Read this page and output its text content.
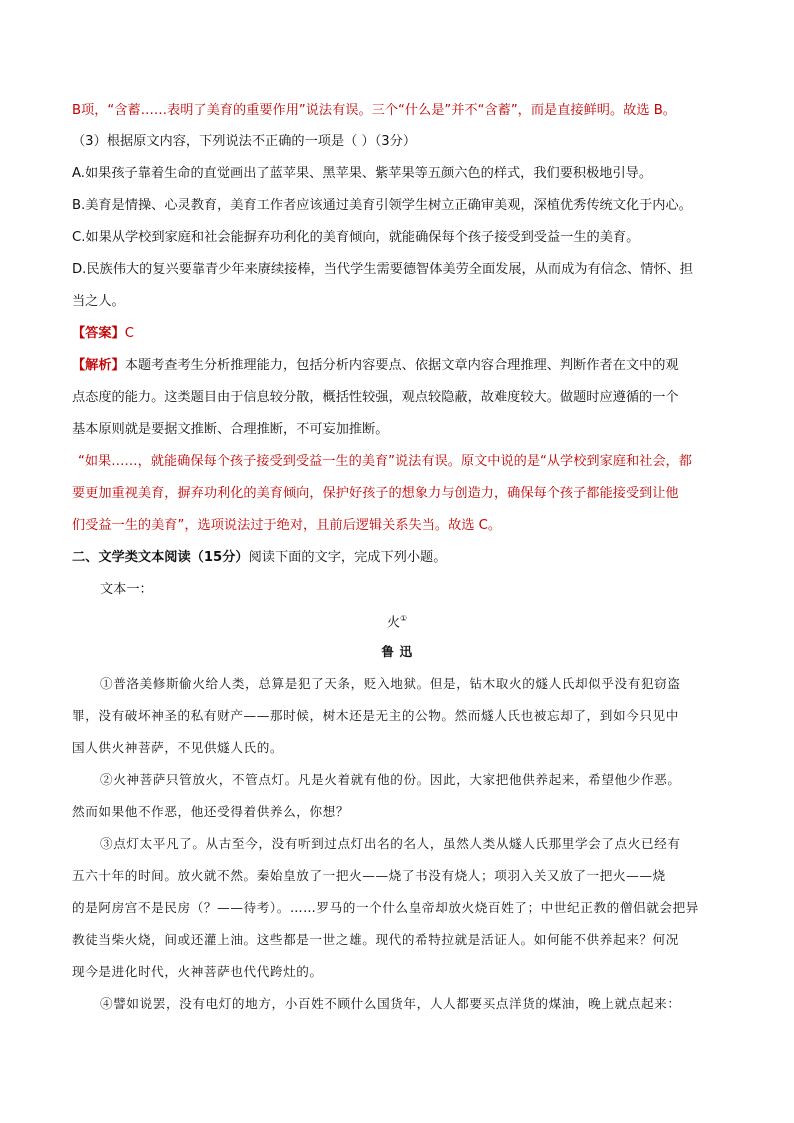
B项，“含蓄……表明了美育的重要作用”说法有误。三个“什么是”并不“含蓄”，而是直接鲜明。故选 B。
（3）根据原文内容，下列说法不正确的一项是（ ）（3分）
A.如果孩子靠着生命的直觉画出了蓝苹果、黑苹果、紫苹果等五颜六色的样式，我们要积极地引导。
B.美育是情操、心灵教育，美育工作者应该通过美育引领学生树立正确审美观，深植优秀传统文化于内心。
C.如果从学校到家庭和社会能摒弃功利化的美育倾向，就能确保每个孩子接受到受益一生的美育。
D.民族伟大的复兴要靠青少年来赓续接棒，当代学生需要德智体美劳全面发展，从而成为有信念、情怀、担
当之人。
【答案】C
【解析】本题考查考生分析推理能力，包括分析内容要点、依据文章内容合理推理、判断作者在文中的观
点态度的能力。这类题目由于信息较分散，概括性较强，观点较隐蔽，故难度较大。做题时应遵循的一个
基本原则就是要据文推断、合理推断，不可妄加推断。
“如果……，就能确保每个孩子接受到受益一生的美育”说法有误。原文中说的是“从学校到家庭和社会，都
要更加重视美育，摒弃功利化的美育倾向，保护好孩子的想象力与创造力，确保每个孩子都能接受到让他
们受益一生的美育”，选项说法过于绝对，且前后逻辑关系失当。故选 C。
二、文学类文本阅读（15分）阅读下面的文字，完成下列小题。
文本一：
火①
鲁 迅
①普洛美修斯偷火给人类，总算是犯了天条，贬入地狱。但是，钻木取火的燧人氏却似乎没有犯窃盗
罪，没有破坏神圣的私有财产——那时候，树木还是无主的公物。然而燧人氏也被忘却了，到如今只见中
国人供火神菩萨，不见供燧人氏的。
②火神菩萨只管放火，不管点灯。凡是火着就有他的份。因此，大家把他供养起来，希望他少作恶。
然而如果他不作恶，他还受得着供养么，你想？
③点灯太平凡了。从古至今，没有听到过点灯出名的名人，虽然人类从燧人氏那里学会了点火已经有
五六十年的时间。放火就不然。秦始皇放了一把火——烧了书没有烧人；项羽入关又放了一把火——烧
的是阿房宫不是民房（？——待考）。……罗马的一个什么皇帝却放火烧百姓了；中世纪正教的僧侣就会把异
教徒当柴火烧，间或还灌上油。这些都是一世之雄。现代的希特拉就是活证人。如何能不供养起来？何况
现今是进化时代，火神菩萨也代代跨灶的。
④譬如说罢，没有电灯的地方，小百姓不顾什么国货年，人人都要买点洋货的煤油，晚上就点起来：
